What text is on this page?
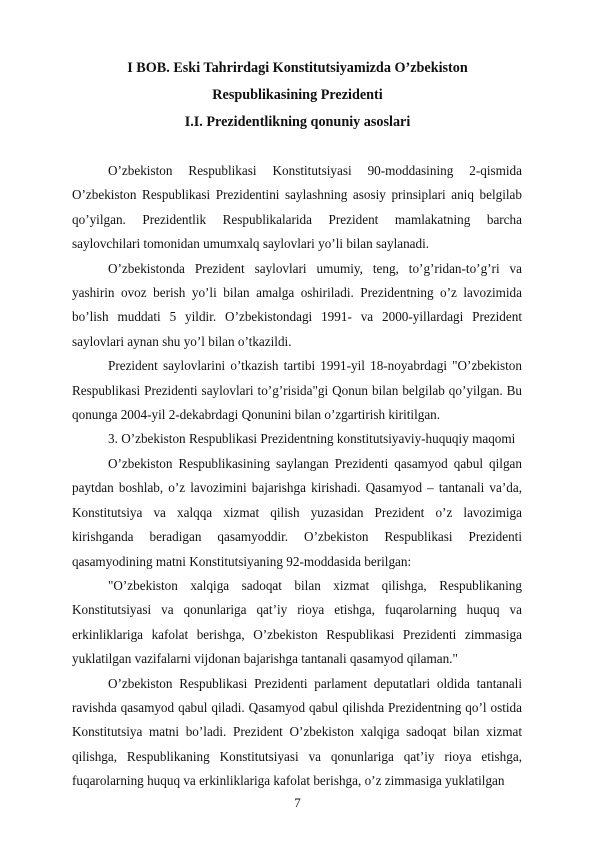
I BOB. Eski Tahrirdagi Konstitutsiyamizda O’zbekiston
Respublikasining Prezidenti
I.I. Prezidentlikning qonuniy asoslari

O’zbekiston Respublikasi Konstitutsiyasi 90-moddasining 2-qismida O’zbekiston Respublikasi Prezidentini saylashning asosiy prinsiplari aniq belgilab qo’yilgan. Prezidentlik Respublikalarida Prezident mamlakatning barcha saylovchilari tomonidan umumxalq saylovlari yo’li bilan saylanadi.

O’zbekistonda Prezident saylovlari umumiy, teng, to’g’ridan-to’g’ri va yashirin ovoz berish yo’li bilan amalga oshiriladi. Prezidentning o’z lavozimida bo’lish muddati 5 yildir. O’zbekistondagi 1991- va 2000-yillardagi Prezident saylovlari aynan shu yo’l bilan o’tkazildi.

Prezident saylovlarini o’tkazish tartibi 1991-yil 18-noyabrdagi "O’zbekiston Respublikasi Prezidenti saylovlari to’g’risida"gi Qonun bilan belgilab qo’yilgan. Bu qonunga 2004-yil 2-dekabrdagi Qonunini bilan o’zgartirish kiritilgan.

3. O’zbekiston Respublikasi Prezidentning konstitutsiyaviy-huquqiy maqomi

O’zbekiston Respublikasining saylangan Prezidenti qasamyod qabul qilgan paytdan boshlab, o’z lavozimini bajarishga kirishadi. Qasamyod – tantanali va’da, Konstitutsiya va xalqqa xizmat qilish yuzasidan Prezident o’z lavozimiga kirishganda beradigan qasamyoddir. O’zbekiston Respublikasi Prezidenti qasamyodining matni Konstitutsiyaning 92-moddasida berilgan:

"O’zbekiston xalqiga sadoqat bilan xizmat qilishga, Respublikaning Konstitutsiyasi va qonunlariga qat’iy rioya etishga, fuqarolarning huquq va erkinliklariga kafolat berishga, O’zbekiston Respublikasi Prezidenti zimmasiga yuklatilgan vazifalarni vijdonan bajarishga tantanali qasamyod qilaman."

O’zbekiston Respublikasi Prezidenti parlament deputatlari oldida tantanali ravishda qasamyod qabul qiladi. Qasamyod qabul qilishda Prezidentning qo’l ostida Konstitutsiya matni bo’ladi. Prezident O’zbekiston xalqiga sadoqat bilan xizmat qilishga, Respublikaning Konstitutsiyasi va qonunlariga qat’iy rioya etishga, fuqarolarning huquq va erkinliklariga kafolat berishga, o’z zimmasiga yuklatilgan

7
